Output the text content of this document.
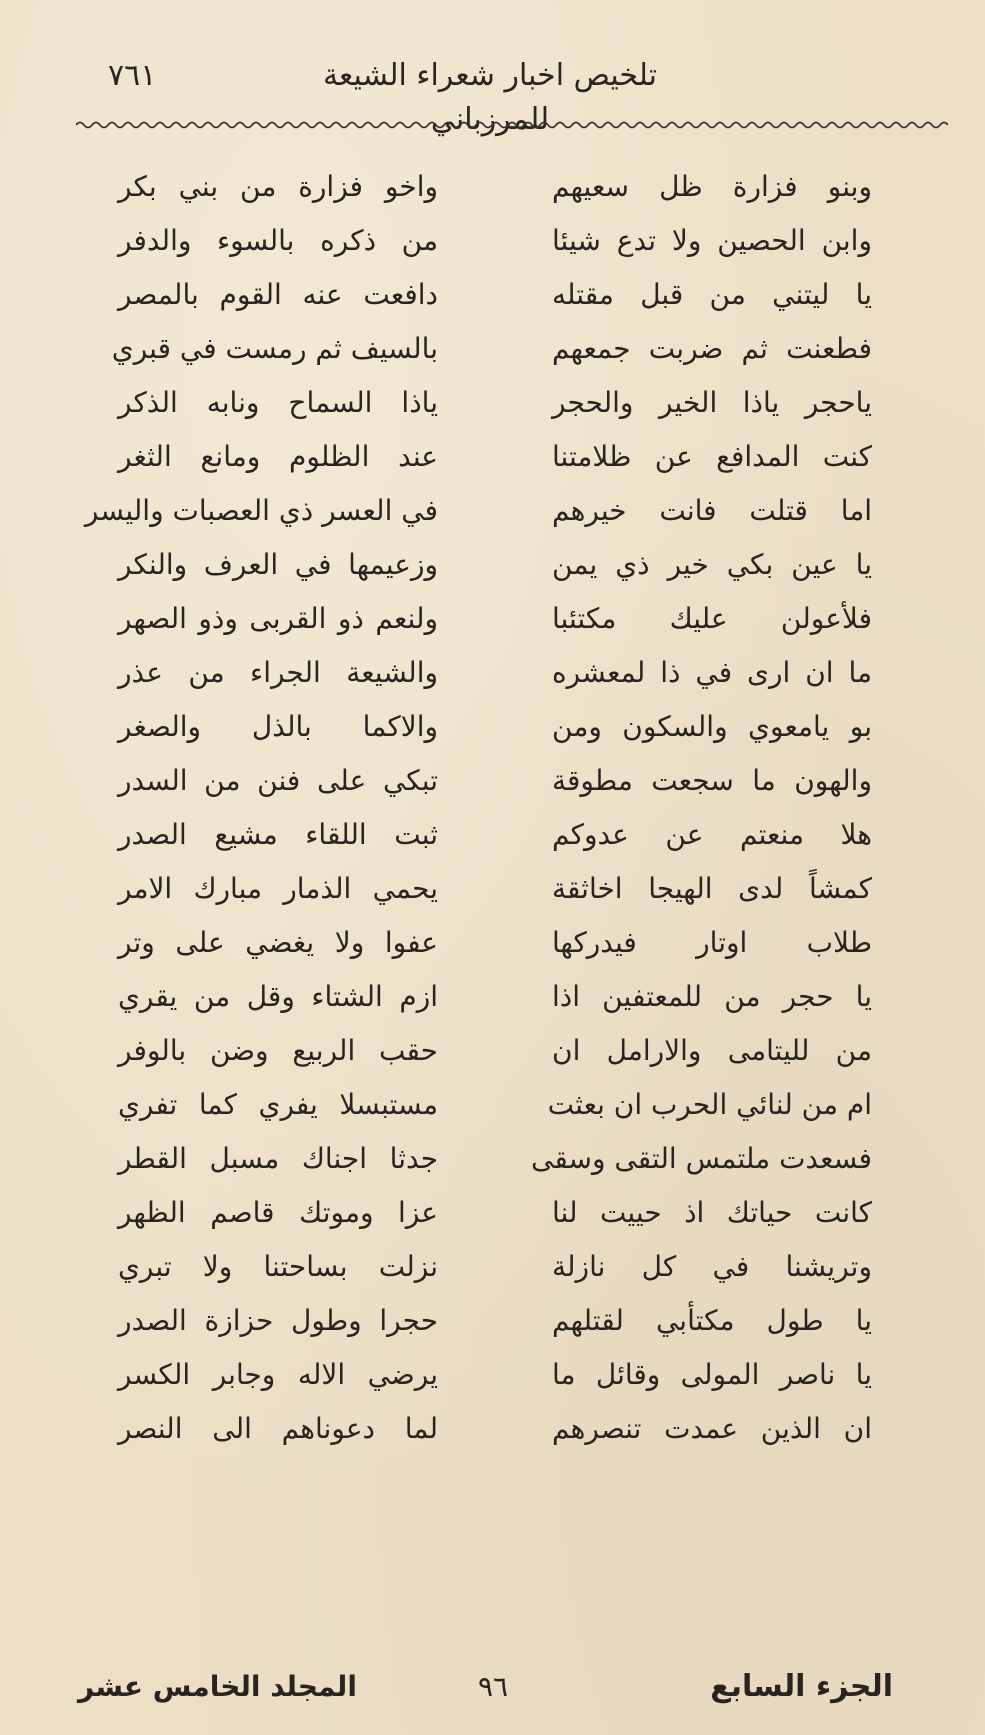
تلخيص اخبار شعراء الشيعة للمرزباني
٧٦١
وبنو فزارة ظل سعيهم
وابن الحصين ولا تدع شيئا
يا ليتني من قبل مقتله
فطعنت ثم ضربت جمعهم
ياحجر ياذا الخير والحجر
كنت المدافع عن ظلامتنا
اما قتلت فانت خيرهم
يا عين بكي خير ذي يمن
فلأعولن عليك مكتئبا
ما ان ارى في ذا لمعشره
بو يامعوي والسكون ومن
والهون ما سجعت مطوقة
هلا منعتم عن عدوكم
كمشاً لدى الهيجا اخاثقة
طلاب اوتار فيدركها
يا حجر من للمعتفين اذا
من لليتامى والارامل ان
ام من لنائي الحرب ان بعثت
فسعدت ملتمس التقى وسقى
كانت حياتك اذ حييت لنا
وتريشنا في كل نازلة
يا طول مكتأبي لقتلهم
يا ناصر المولى وقائل ما
ان الذين عمدت تنصرهم
واخو فزارة من بني بكر
من ذكره بالسوء والدفر
دافعت عنه القوم بالمصر
بالسيف ثم رمست في قبري
ياذا السماح ونابه الذكر
عند الظلوم ومانع الثغر
في العسر ذي العصبات واليسر
وزعيمها في العرف والنكر
ولنعم ذو القربى وذو الصهر
والشيعة الجراء من عذر
والاكما بالذل والصغر
تبكي على فنن من السدر
ثبت اللقاء مشيع الصدر
يحمي الذمار مبارك الامر
عفوا ولا يغضي على وتر
ازم الشتاء وقل من يقري
حقب الربيع وضن بالوفر
مستبسلا يفري كما تفري
جدثا اجناك مسبل القطر
عزا وموتك قاصم الظهر
نزلت بساحتنا ولا تبري
حجرا وطول حزازة الصدر
يرضي الاله وجابر الكسر
لما دعوناهم الى النصر
الجزء السابع
٩٦
المجلد الخامس عشر
